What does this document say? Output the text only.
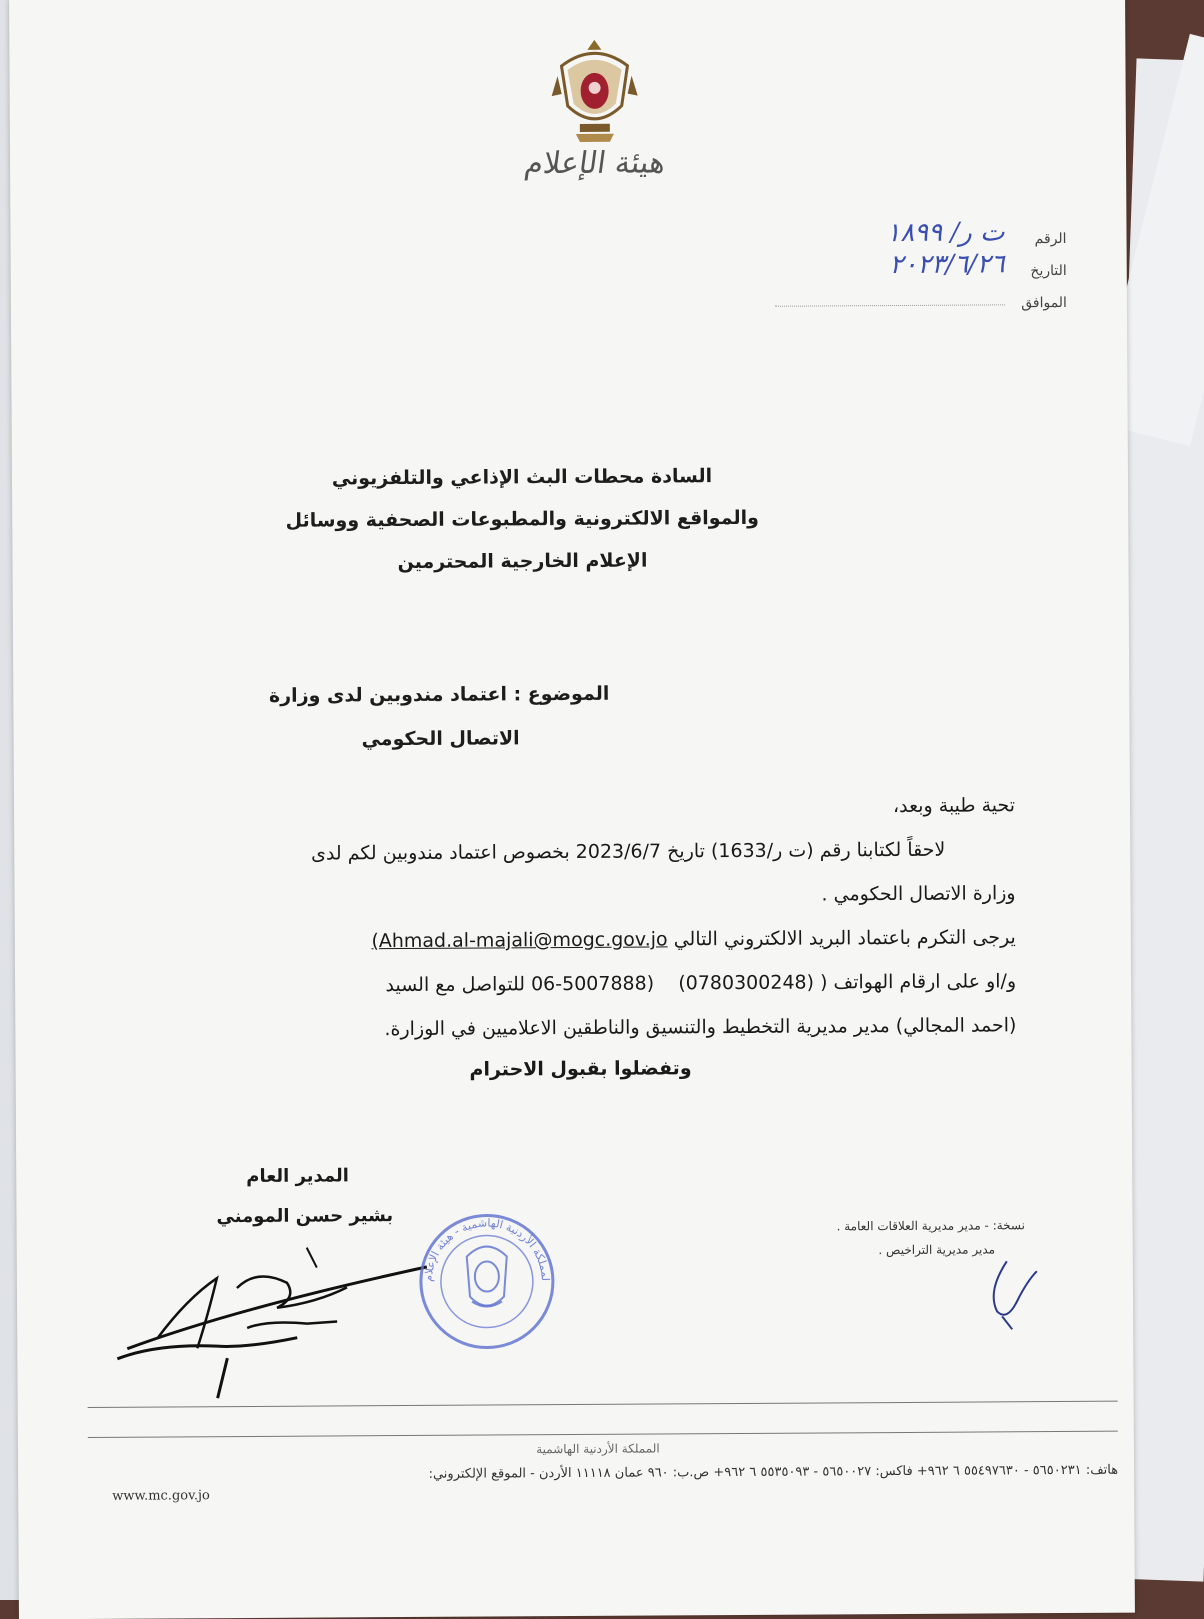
هيئة الإعلام
الرقم
ت ر/ ١٨٩٩
التاريخ
٢٠٢٣/٦/٢٦
الموافق
السادة محطات البث الإذاعي والتلفزيوني
والمواقع الالكترونية والمطبوعات الصحفية ووسائل
الإعلام الخارجية المحترمين
الموضوع : اعتماد مندوبين لدى وزارة
الاتصال الحكومي

تحية طيبة وبعد،

لاحقاً لكتابنا رقم (ت ر/1633) تاريخ 2023/6/7 بخصوص اعتماد مندوبين لكم لدى

وزارة الاتصال الحكومي .

يرجى التكرم باعتماد البريد الالكتروني التالي (Ahmad.al-majali@mogc.gov.jo

و/او على ارقام الهواتف ( 06-5007888) (0780300248) للتواصل مع السيد

(احمد المجالي) مدير مديرية التخطيط والتنسيق والناطقين الاعلاميين في الوزارة.

وتفضلوا بقبول الاحترام
المدير العام
بشير حسن المومني
المملكة الأردنية الهاشمية - هيئة الإعلام
نسخة: - مدير مديرية العلاقات العامة .
مدير مديرية التراخيص .
المملكة الأردنية الهاشمية
هاتف: ٥٦٥٠٢٣١ - ٥٥٤٩٧٦٣٠ ٦ ٩٦٢+ فاكس: ٥٦٥٠٠٢٧ - ٥٥٣٥٠٩٣ ٦ ٩٦٢+ ص.ب: ٩٦٠ عمان ١١١١٨ الأردن - الموقع الإلكتروني:
www.mc.gov.jo
